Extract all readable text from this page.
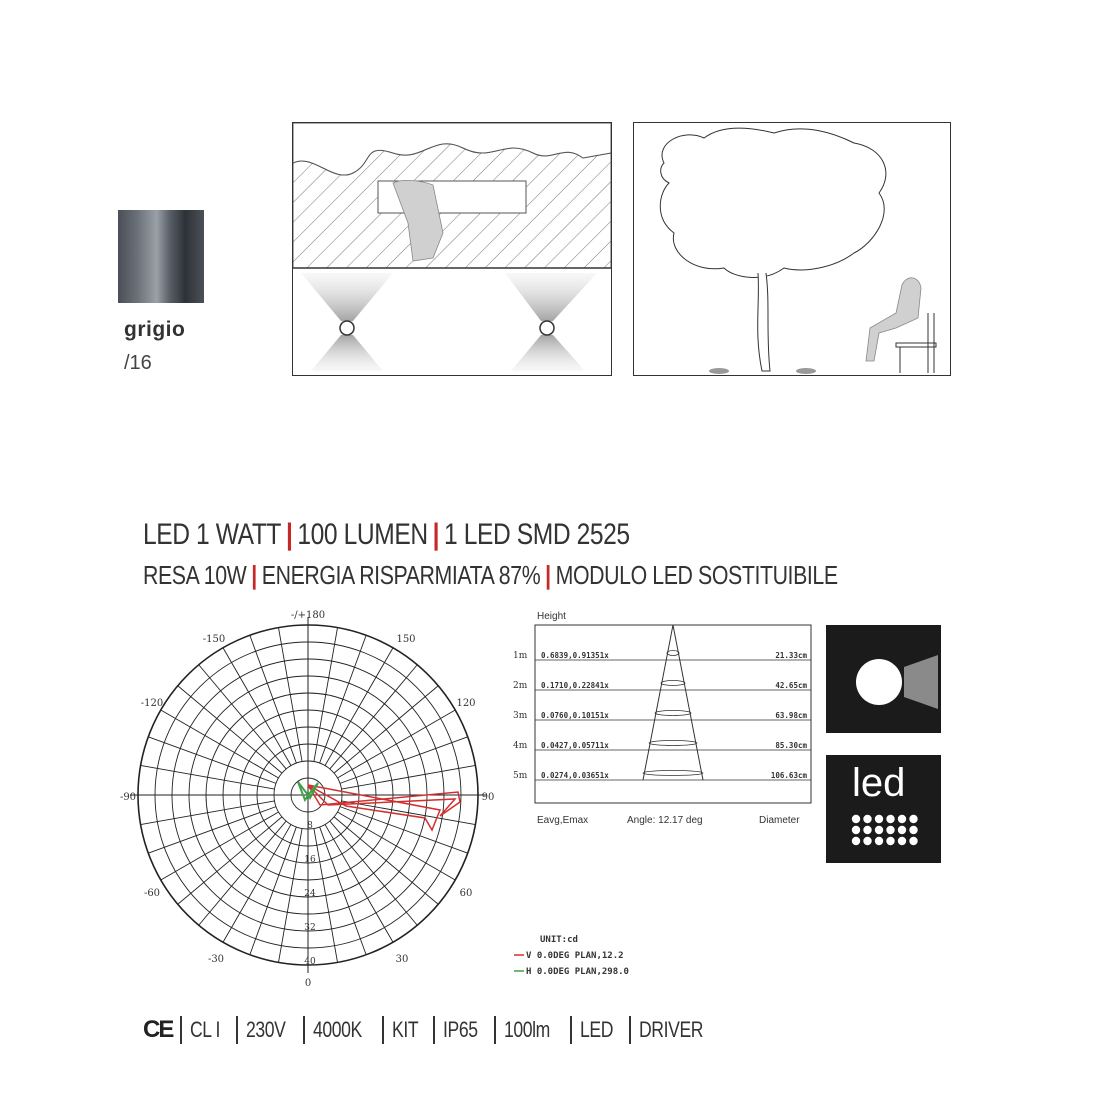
grigio
/16
LED 1 WATT | 100 LUMEN | 1 LED SMD 2525
RESA 10W | ENERGIA RISPARMIATA 87% | MODULO LED SOSTITUIBILE
-/+180
-150	150
-120	120
-90	90
-60	60
-30	30
0
8
16
24
32
40
UNIT:cd
V 0.0DEG PLAN,12.2
H 0.0DEG PLAN,298.0
Height
1m 0.6839,0.91351x	21.33cm
2m 0.1710,0.22841x	42.65cm
3m 0.0760,0.10151x	63.98cm
4m 0.0427,0.05711x	85.30cm
5m 0.0274,0.03651x	106.63cm
Eavg,Emax	Angle: 12.17 deg	Diameter
led
CE CL I 230V 4000K KIT IP65 100lm LED DRIVER
